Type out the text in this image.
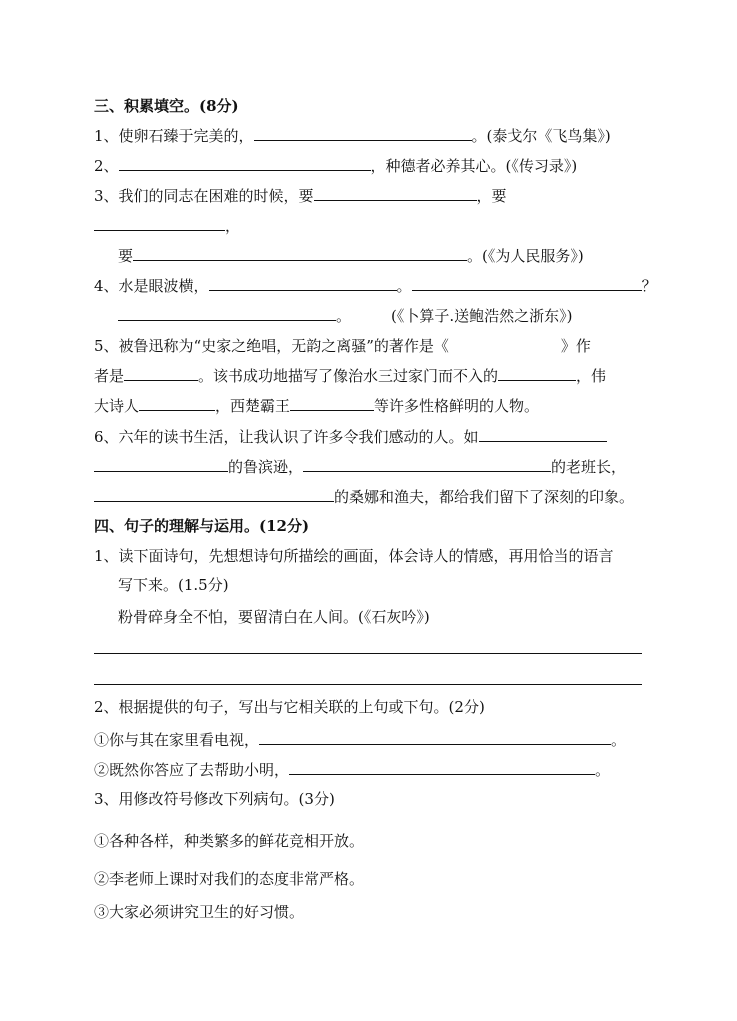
三、积累填空。(8分)
1、使卵石臻于完美的，	。(泰戈尔《飞鸟集》)
2、	，种德者必养其心。(《传习录》)
3、我们的同志在困难的时候，要	，要
，
要	。(《为人民服务》)
4、水是眼波横，	。	？
。	(《卜算子.送鲍浩然之浙东》)
5、被鲁迅称为“史家之绝唱，无韵之离骚”的著作是《	》作
者是	。该书成功地描写了像治水三过家门而不入的	，伟
大诗人	，西楚霸王	等许多性格鲜明的人物。
6、六年的读书生活，让我认识了许多令我们感动的人。如
的鲁滨逊，	的老班长，
的桑娜和渔夫，都给我们留下了深刻的印象。
四、句子的理解与运用。(12分)
1、读下面诗句，先想想诗句所描绘的画面，体会诗人的情感，再用恰当的语言
写下来。(1.5分)
粉骨碎身全不怕，要留清白在人间。(《石灰吟》)
2、根据提供的句子，写出与它相关联的上句或下句。(2分)
①你与其在家里看电视，	。
②既然你答应了去帮助小明，	。
3、用修改符号修改下列病句。(3分)
①各种各样，种类繁多的鲜花竞相开放。
②李老师上课时对我们的态度非常严格。
③大家必须讲究卫生的好习惯。
